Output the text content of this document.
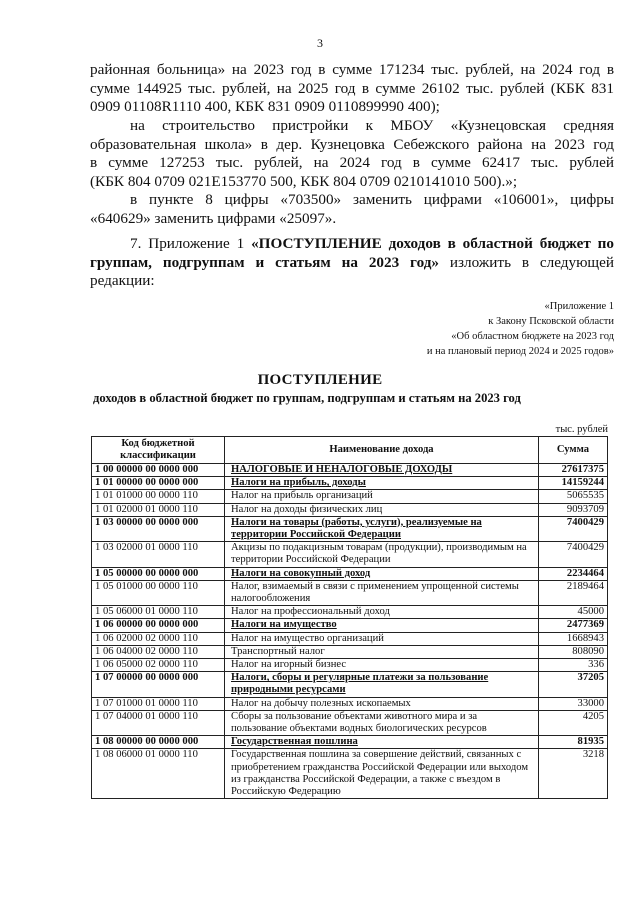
3
районная больница» на 2023 год в сумме 171234 тыс. рублей, на 2024 год в
сумме 144925 тыс. рублей, на 2025 год в сумме 26102 тыс. рублей (КБК 831
0909 01108R1110 400, КБК 831 0909 0110899990 400);
на строительство пристройки к МБОУ «Кузнецовская средняя
образовательная школа» в дер. Кузнецовка Себежского района на 2023 год
в сумме 127253 тыс. рублей, на 2024 год в сумме 62417 тыс. рублей
(КБК 804 0709 021Е153770 500, КБК 804 0709 0210141010 500).»;
в пункте 8 цифры «703500» заменить цифрами «106001», цифры
«640629» заменить цифрами «25097».
7. Приложение 1 «ПОСТУПЛЕНИЕ доходов в областной бюджет по
группам, подгруппам и статьям на 2023 год» изложить в следующей
редакции:
«Приложение 1
к Закону Псковской области
«Об областном бюджете на 2023 год
и на плановый период 2024 и 2025 годов»
ПОСТУПЛЕНИЕ
доходов в областной бюджет по группам, подгруппам и статьям на 2023 год
тыс. рублей
Код бюджетной классификации	Наименование дохода	Сумма
1 00 00000 00 0000 000	НАЛОГОВЫЕ И НЕНАЛОГОВЫЕ ДОХОДЫ	27617375
1 01 00000 00 0000 000	Налоги на прибыль, доходы	14159244
1 01 01000 00 0000 110	Налог на прибыль организаций	5065535
1 01 02000 01 0000 110	Налог на доходы физических лиц	9093709
1 03 00000 00 0000 000	Налоги на товары (работы, услуги), реализуемые на территории Российской Федерации	7400429
1 03 02000 01 0000 110	Акцизы по подакцизным товарам (продукции), производимым на территории Российской Федерации	7400429
1 05 00000 00 0000 000	Налоги на совокупный доход	2234464
1 05 01000 00 0000 110	Налог, взимаемый в связи с применением упрощенной системы налогообложения	2189464
1 05 06000 01 0000 110	Налог на профессиональный доход	45000
1 06 00000 00 0000 000	Налоги на имущество	2477369
1 06 02000 02 0000 110	Налог на имущество организаций	1668943
1 06 04000 02 0000 110	Транспортный налог	808090
1 06 05000 02 0000 110	Налог на игорный бизнес	336
1 07 00000 00 0000 000	Налоги, сборы и регулярные платежи за пользование природными ресурсами	37205
1 07 01000 01 0000 110	Налог на добычу полезных ископаемых	33000
1 07 04000 01 0000 110	Сборы за пользование объектами животного мира и за пользование объектами водных биологических ресурсов	4205
1 08 00000 00 0000 000	Государственная пошлина	81935
1 08 06000 01 0000 110	Государственная пошлина за совершение действий, связанных с приобретением гражданства Российской Федерации или выходом из гражданства Российской Федерации, а также с въездом в Российскую Федерацию	3218
